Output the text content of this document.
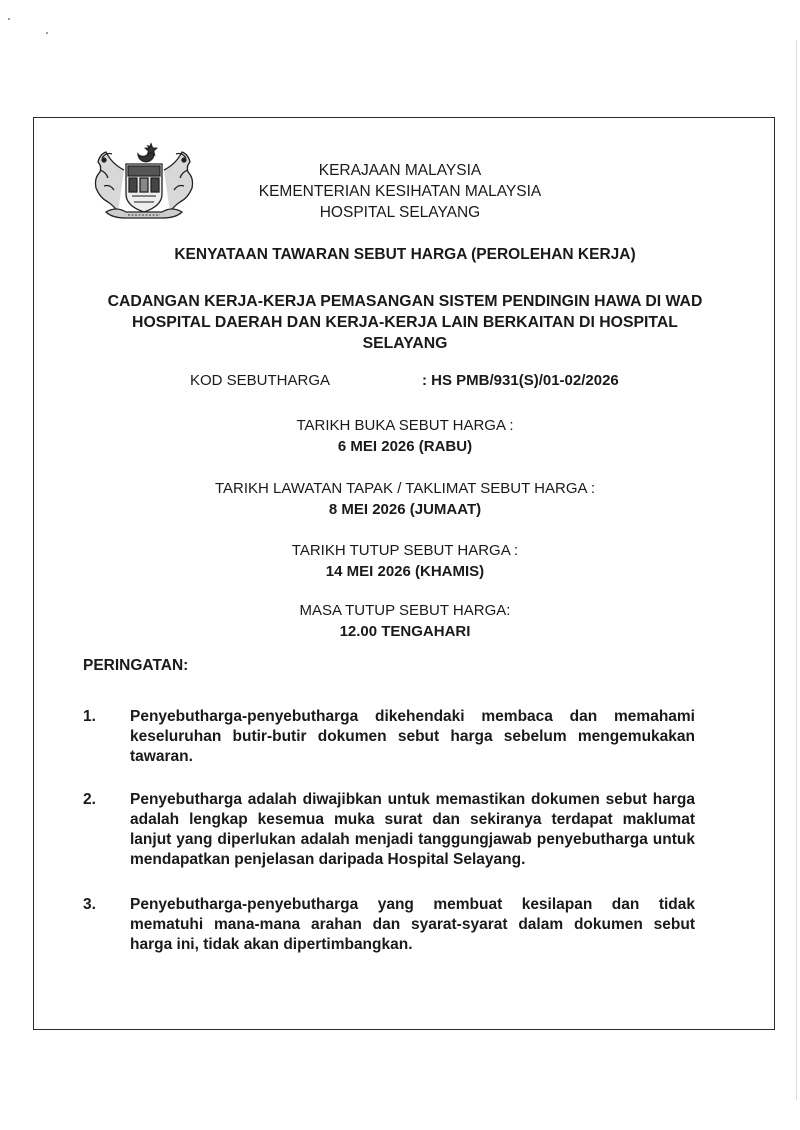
KERAJAAN MALAYSIA
KEMENTERIAN KESIHATAN MALAYSIA
HOSPITAL SELAYANG
KENYATAAN TAWARAN SEBUT HARGA (PEROLEHAN KERJA)
CADANGAN KERJA-KERJA PEMASANGAN SISTEM PENDINGIN HAWA DI WAD
HOSPITAL DAERAH DAN KERJA-KERJA LAIN BERKAITAN DI HOSPITAL
SELAYANG
KOD SEBUTHARGA	: HS PMB/931(S)/01-02/2026
TARIKH BUKA SEBUT HARGA :
6 MEI 2026 (RABU)
TARIKH LAWATAN TAPAK / TAKLIMAT SEBUT HARGA :
8 MEI 2026 (JUMAAT)
TARIKH TUTUP SEBUT HARGA :
14 MEI 2026 (KHAMIS)
MASA TUTUP SEBUT HARGA:
12.00 TENGAHARI
PERINGATAN:
1. Penyebutharga-penyebutharga dikehendaki membaca dan memahami keseluruhan butir-butir dokumen sebut harga sebelum mengemukakan tawaran.
2. Penyebutharga adalah diwajibkan untuk memastikan dokumen sebut harga adalah lengkap kesemua muka surat dan sekiranya terdapat maklumat lanjut yang diperlukan adalah menjadi tanggungjawab penyebutharga untuk mendapatkan penjelasan daripada Hospital Selayang.
3. Penyebutharga-penyebutharga yang membuat kesilapan dan tidak mematuhi mana-mana arahan dan syarat-syarat dalam dokumen sebut harga ini, tidak akan dipertimbangkan.
